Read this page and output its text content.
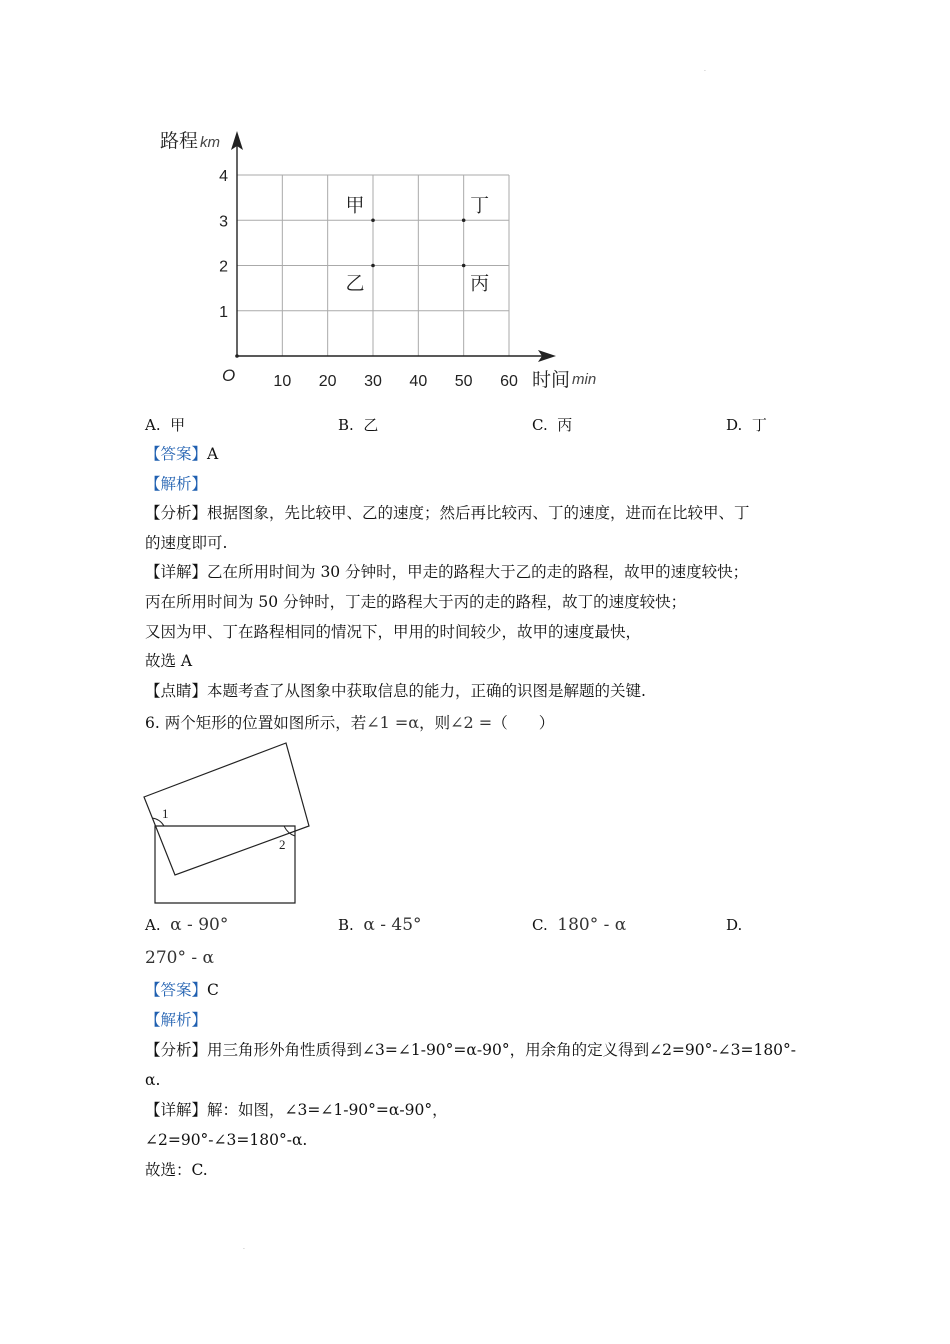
.
.
10 20 30 40 50 60
1
2
3
4
甲
乙	丙
丁
路程 km
时间 min
O
A. 甲	B. 乙	C. 丙	D. 丁
【答案】A
【解析】
【分析】根据图象，先比较甲、乙的速度；然后再比较丙、丁的速度，进而在比较甲、丁
的速度即可.
【详解】乙在所用时间为 30 分钟时，甲走的路程大于乙的走的路程，故甲的速度较快；
丙在所用时间为 50 分钟时，丁走的路程大于丙的走的路程，故丁的速度较快；
又因为甲、丁在路程相同的情况下，甲用的时间较少，故甲的速度最快，
故选 A
【点睛】本题考查了从图象中获取信息的能力，正确的识图是解题的关键.
6. 两个矩形的位置如图所示，若∠1 =α，则∠2 =（　　）
1
2
A. α - 90°	B. α - 45°	C. 180° - α	D.
270° - α
【答案】C
【解析】
【分析】用三角形外角性质得到∠3=∠1-90°=α-90°，用余角的定义得到∠2=90°-∠3=180°-
α.
【详解】解：如图，∠3=∠1-90°=α-90°，
∠2=90°-∠3=180°-α.
故选：C.
